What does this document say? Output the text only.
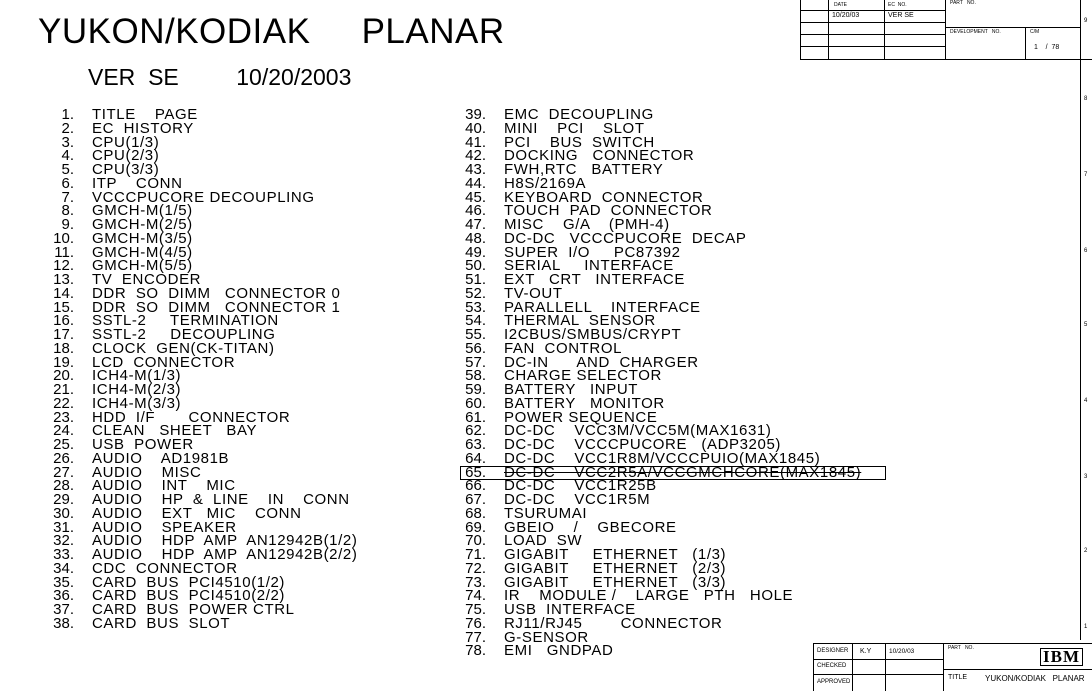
YUKON/KODIAK     PLANAR
VER  SE         10/20/2003
1. TITLE    PAGE
2. EC  HISTORY
3. CPU(1/3)
4. CPU(2/3)
5. CPU(3/3)
6. ITP    CONN
7. VCCCPUCORE DECOUPLING
8. GMCH-M(1/5)
9. GMCH-M(2/5)
10. GMCH-M(3/5)
11. GMCH-M(4/5)
12. GMCH-M(5/5)
13. TV  ENCODER
14. DDR  SO  DIMM   CONNECTOR 0
15. DDR  SO  DIMM   CONNECTOR 1
16. SSTL-2     TERMINATION
17. SSTL-2     DECOUPLING
18. CLOCK  GEN(CK-TITAN)
19. LCD  CONNECTOR
20. ICH4-M(1/3)
21. ICH4-M(2/3)
22. ICH4-M(3/3)
23. HDD  I/F       CONNECTOR
24. CLEAN   SHEET   BAY
25. USB  POWER
26. AUDIO    AD1981B
27. AUDIO    MISC
28. AUDIO    INT    MIC
29. AUDIO    HP  &  LINE    IN    CONN
30. AUDIO    EXT   MIC    CONN
31. AUDIO    SPEAKER
32. AUDIO    HDP  AMP  AN12942B(1/2)
33. AUDIO    HDP  AMP  AN12942B(2/2)
34. CDC  CONNECTOR
35. CARD  BUS  PCI4510(1/2)
36. CARD  BUS  PCI4510(2/2)
37. CARD  BUS  POWER CTRL
38. CARD  BUS  SLOT
39. EMC  DECOUPLING
40. MINI    PCI    SLOT
41. PCI    BUS  SWITCH
42. DOCKING   CONNECTOR
43. FWH,RTC   BATTERY
44. H8S/2169A
45. KEYBOARD  CONNECTOR
46. TOUCH  PAD  CONNECTOR
47. MISC    G/A    (PMH-4)
48. DC-DC   VCCCPUCORE  DECAP
49. SUPER  I/O     PC87392
50. SERIAL     INTERFACE
51. EXT   CRT   INTERFACE
52. TV-OUT
53. PARALLELL    INTERFACE
54. THERMAL  SENSOR
55. I2CBUS/SMBUS/CRYPT
56. FAN  CONTROL
57. DC-IN      AND  CHARGER
58. CHARGE SELECTOR
59. BATTERY   INPUT
60. BATTERY   MONITOR
61. POWER SEQUENCE
62. DC-DC    VCC3M/VCC5M(MAX1631)
63. DC-DC    VCCCPUCORE   (ADP3205)
64. DC-DC    VCC1R8M/VCCCPUIO(MAX1845)
65. DC-DC    VCC2R5A/VCCGMCHCORE(MAX1845)
66. DC-DC    VCC1R25B
67. DC-DC    VCC1R5M
68. TSURUMAI
69. GBEIO    /    GBECORE
70. LOAD  SW
71. GIGABIT     ETHERNET   (1/3)
72. GIGABIT     ETHERNET   (2/3)
73. GIGABIT     ETHERNET   (3/3)
74. IR    MODULE /    LARGE   PTH   HOLE
75. USB  INTERFACE
76. RJ11/RJ45        CONNECTOR
77. G-SENSOR
78. EMI   GNDPAD
DATE	EC  NO.
10/20/03	VER SE
PART   NO.
DEVELOPMENT   NO.	C/M
1    /  78
9
8
7
6
5
4
3
2
1
DESIGNER K.Y	10/20/03
CHECKED
APPROVED
PART   NO.
TITLE YUKON/KODIAK   PLANAR
IBM
